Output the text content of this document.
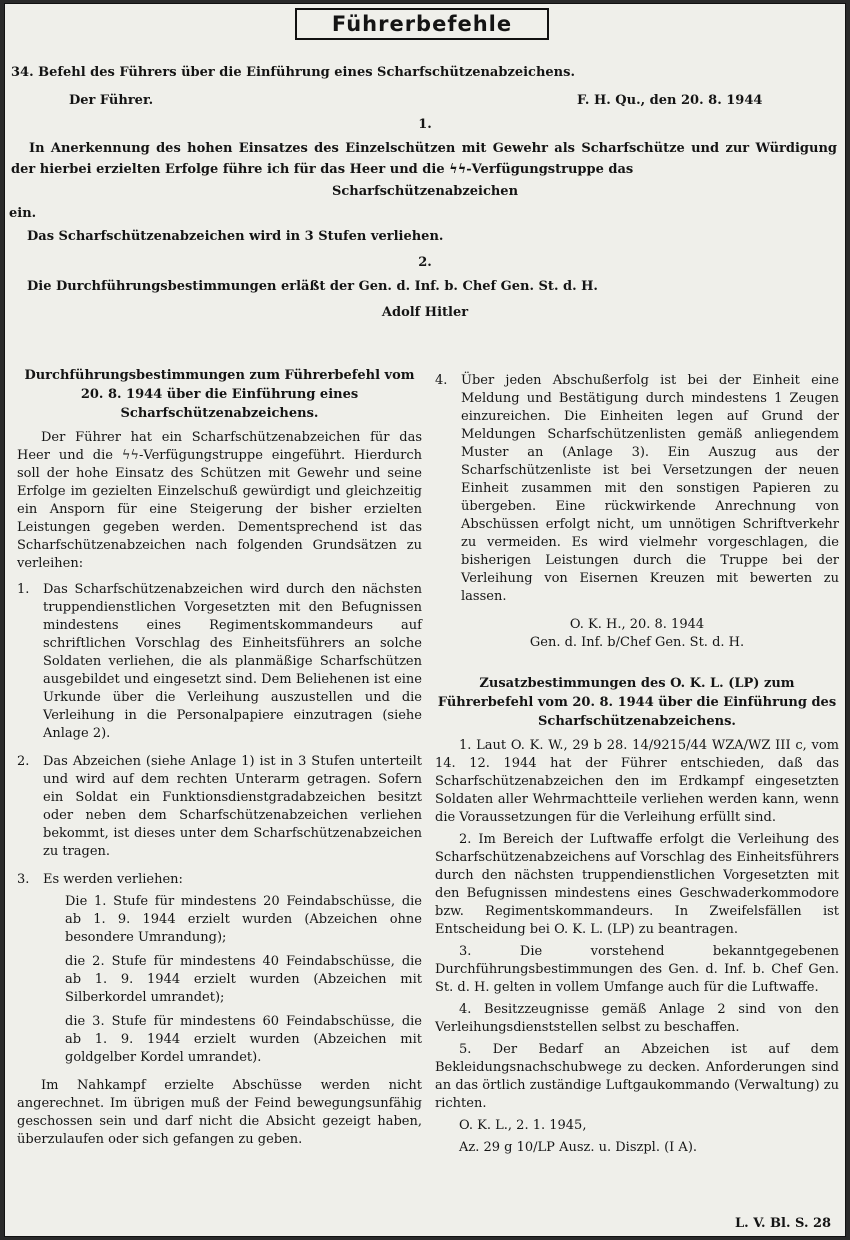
Führerbefehle
34. Befehl des Führers über die Einführung eines Scharfschützenabzeichens.
Der Führer.	F. H. Qu., den 20. 8. 1944
1.
In Anerkennung des hohen Einsatzes des Einzelschützen mit Gewehr als Scharfschütze und zur Würdigung der hierbei erzielten Erfolge führe ich für das Heer und die ϟϟ-Verfügungstruppe das
Scharfschützenabzeichen
ein.
Das Scharfschützenabzeichen wird in 3 Stufen verliehen.
2.
Die Durchführungsbestimmungen erläßt der Gen. d. Inf. b. Chef Gen. St. d. H.
Adolf Hitler
Durchführungsbestimmungen zum Führerbefehl vom 20. 8. 1944 über die Einführung eines Scharfschützenabzeichens.

Der Führer hat ein Scharfschützenabzeichen für das Heer und die ϟϟ-Verfügungstruppe eingeführt. Hierdurch soll der hohe Einsatz des Schützen mit Gewehr und seine Erfolge im gezielten Einzelschuß gewürdigt und gleichzeitig ein Ansporn für eine Steigerung der bisher erzielten Leistungen gegeben werden. Dementsprechend ist das Scharfschützenabzeichen nach folgenden Grundsätzen zu verleihen:

1.	Das Scharfschützenabzeichen wird durch den nächsten truppendienstlichen Vorgesetzten mit den Befugnissen mindestens eines Regimentskommandeurs auf schriftlichen Vorschlag des Einheitsführers an solche Soldaten verliehen, die als planmäßige Scharfschützen ausgebildet und eingesetzt sind. Dem Beliehenen ist eine Urkunde über die Verleihung auszustellen und die Verleihung in die Personalpapiere einzutragen (siehe Anlage 2).
2.	Das Abzeichen (siehe Anlage 1) ist in 3 Stufen unterteilt und wird auf dem rechten Unterarm getragen. Sofern ein Soldat ein Funktionsdienstgradabzeichen besitzt oder neben dem Scharfschützenabzeichen verliehen bekommt, ist dieses unter dem Scharfschützenabzeichen zu tragen.
3.	Es werden verliehen:
Die 1. Stufe für mindestens 20 Feindabschüsse, die ab 1. 9. 1944 erzielt wurden (Abzeichen ohne besondere Umrandung);
die 2. Stufe für mindestens 40 Feindabschüsse, die ab 1. 9. 1944 erzielt wurden (Abzeichen mit Silberkordel umrandet);
die 3. Stufe für mindestens 60 Feindabschüsse, die ab 1. 9. 1944 erzielt wurden (Abzeichen mit goldgelber Kordel umrandet).

Im Nahkampf erzielte Abschüsse werden nicht angerechnet. Im übrigen muß der Feind bewegungsunfähig geschossen sein und darf nicht die Absicht gezeigt haben, überzulaufen oder sich gefangen zu geben.

4.	Über jeden Abschußerfolg ist bei der Einheit eine Meldung und Bestätigung durch mindestens 1 Zeugen einzureichen. Die Einheiten legen auf Grund der Meldungen Scharfschützenlisten gemäß anliegendem Muster an (Anlage 3). Ein Auszug aus der Scharfschützenliste ist bei Versetzungen der neuen Einheit zusammen mit den sonstigen Papieren zu übergeben. Eine rückwirkende Anrechnung von Abschüssen erfolgt nicht, um unnötigen Schriftverkehr zu vermeiden. Es wird vielmehr vorgeschlagen, die bisherigen Leistungen durch die Truppe bei der Verleihung von Eisernen Kreuzen mit bewerten zu lassen.
O. K. H., 20. 8. 1944
Gen. d. Inf. b/Chef Gen. St. d. H.
Zusatzbestimmungen des O. K. L. (LP) zum Führerbefehl vom 20. 8. 1944 über die Einführung des Scharfschützenabzeichens.

1. Laut O. K. W., 29 b 28. 14/9215/44 WZA/WZ III c, vom 14. 12. 1944 hat der Führer entschieden, daß das Scharfschützenabzeichen den im Erdkampf eingesetzten Soldaten aller Wehrmachtteile verliehen werden kann, wenn die Voraussetzungen für die Verleihung erfüllt sind.

2. Im Bereich der Luftwaffe erfolgt die Verleihung des Scharfschützenabzeichens auf Vorschlag des Einheitsführers durch den nächsten truppendienstlichen Vorgesetzten mit den Befugnissen mindestens eines Geschwaderkommodore bzw. Regimentskommandeurs. In Zweifelsfällen ist Entscheidung bei O. K. L. (LP) zu beantragen.

3. Die vorstehend bekanntgegebenen Durchführungsbestimmungen des Gen. d. Inf. b. Chef Gen. St. d. H. gelten in vollem Umfange auch für die Luftwaffe.

4. Besitzzeugnisse gemäß Anlage 2 sind von den Verleihungsdienststellen selbst zu beschaffen.

5. Der Bedarf an Abzeichen ist auf dem Bekleidungsnachschubwege zu decken. Anforderungen sind an das örtlich zuständige Luftgaukommando (Verwaltung) zu richten.

O. K. L., 2. 1. 1945,

Az. 29 g 10/LP Ausz. u. Diszpl. (I A).

L. V. Bl. S. 28
